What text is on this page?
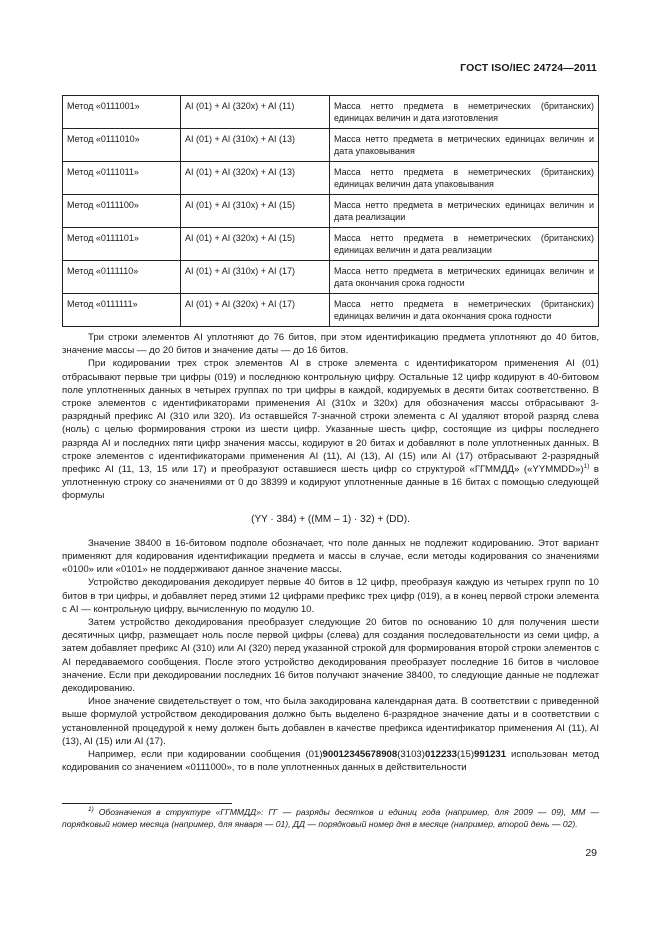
ГОСТ ISO/IEC 24724—2011
Метод «0111001»	AI (01) + AI (320x) + AI (11)	Масса нетто предмета в неметрических (британских) единицах величин и дата изготовления
Метод «0111010»	AI (01) + AI (310x) + AI (13)	Масса нетто предмета в метрических единицах величин и дата упаковывания
Метод «0111011»	AI (01) + AI (320x) + AI (13)	Масса нетто предмета в неметрических (британских) единицах величин дата упаковывания
Метод «0111100»	AI (01) + AI (310x) + AI (15)	Масса нетто предмета в метрических единицах величин и дата реализации
Метод «0111101»	AI (01) + AI (320x) + AI (15)	Масса нетто предмета в неметрических (британских) единицах величин и дата реализации
Метод «0111110»	AI (01) + AI (310x) + AI (17)	Масса нетто предмета в метрических единицах величин и дата окончания срока годности
Метод «0111111»	AI (01) + AI (320x) + AI (17)	Масса нетто предмета в неметрических (британских) единицах величин и дата окончания срока годности

Три строки элементов AI уплотняют до 76 битов, при этом идентификацию предмета уплотняют до 40 битов, значение массы — до 20 битов и значение даты — до 16 битов.

При кодировании трех строк элементов AI в строке элемента с идентификатором применения AI (01) отбрасывают первые три цифры (019) и последнюю контрольную цифру. Остальные 12 цифр кодируют в 40-битовом поле уплотненных данных в четырех группах по три цифры в каждой, кодируемых в десяти битах соответственно. В строке элементов с идентификаторами применения AI (310x и 320x) для обозначения массы отбрасывают 3-разрядный префикс AI (310 или 320). Из оставшейся 7-значной строки элемента с AI удаляют второй разряд слева (ноль) с целью формирования строки из шести цифр. Указанные шесть цифр, состоящие из цифры последнего разряда AI и последних пяти цифр значения массы, кодируют в 20 битах и добавляют в поле уплотненных данных. В строке элементов с идентификаторами применения AI (11), AI (13), AI (15) или AI (17) отбрасывают 2-разрядный префикс AI (11, 13, 15 или 17) и преобразуют оставшиеся шесть цифр со структурой «ГГММДД» («YYMMDD»)$^{1)}$ в уплотненную строку со значениями от 0 до 38399 и кодируют уплотненные данные в 16 битах с помощью следующей формулы

(YY · 384) + ((MM – 1) · 32) + (DD).

Значение 38400 в 16-битовом подполе обозначает, что поле данных не подлежит кодированию. Этот вариант применяют для кодирования идентификации предмета и массы в случае, если методы кодирования со значениями «0100» или «0101» не поддерживают данное значение массы.

Устройство декодирования декодирует первые 40 битов в 12 цифр, преобразуя каждую из четырех групп по 10 битов в три цифры, и добавляет перед этими 12 цифрами префикс трех цифр (019), а в конец первой строки элемента с AI — контрольную цифру, вычисленную по модулю 10.

Затем устройство декодирования преобразует следующие 20 битов по основанию 10 для получения шести десятичных цифр, размещает ноль после первой цифры (слева) для создания последовательности из семи цифр, а затем добавляет префикс AI (310) или AI (320) перед указанной строкой для формирования второй строки элементов с AI передаваемого сообщения. После этого устройство декодирования преобразует последние 16 битов в числовое значение. Если при декодировании последних 16 битов получают значение 38400, то следующие данные не подлежат декодированию.

Иное значение свидетельствует о том, что была закодирована календарная дата. В соответствии с приведенной выше формулой устройством декодирования должно быть выделено 6-разрядное значение даты и в соответствии с установленной процедурой к нему должен быть добавлен в качестве префикса идентификатор применения AI (11), AI (13), AI (15) или AI (17).

Например, если при кодировании сообщения (01)90012345678908(3103)012233(15)991231 использован метод кодирования со значением «0111000», то в поле уплотненных данных в действительности

$^{1)}$ Обозначения в структуре «ГГММДД»: ГГ — разряды десятков и единиц года (например, для 2009 — 09), ММ — порядковый номер месяца (например, для января — 01), ДД — порядковый номер дня в месяце (например, второй день — 02).
29
